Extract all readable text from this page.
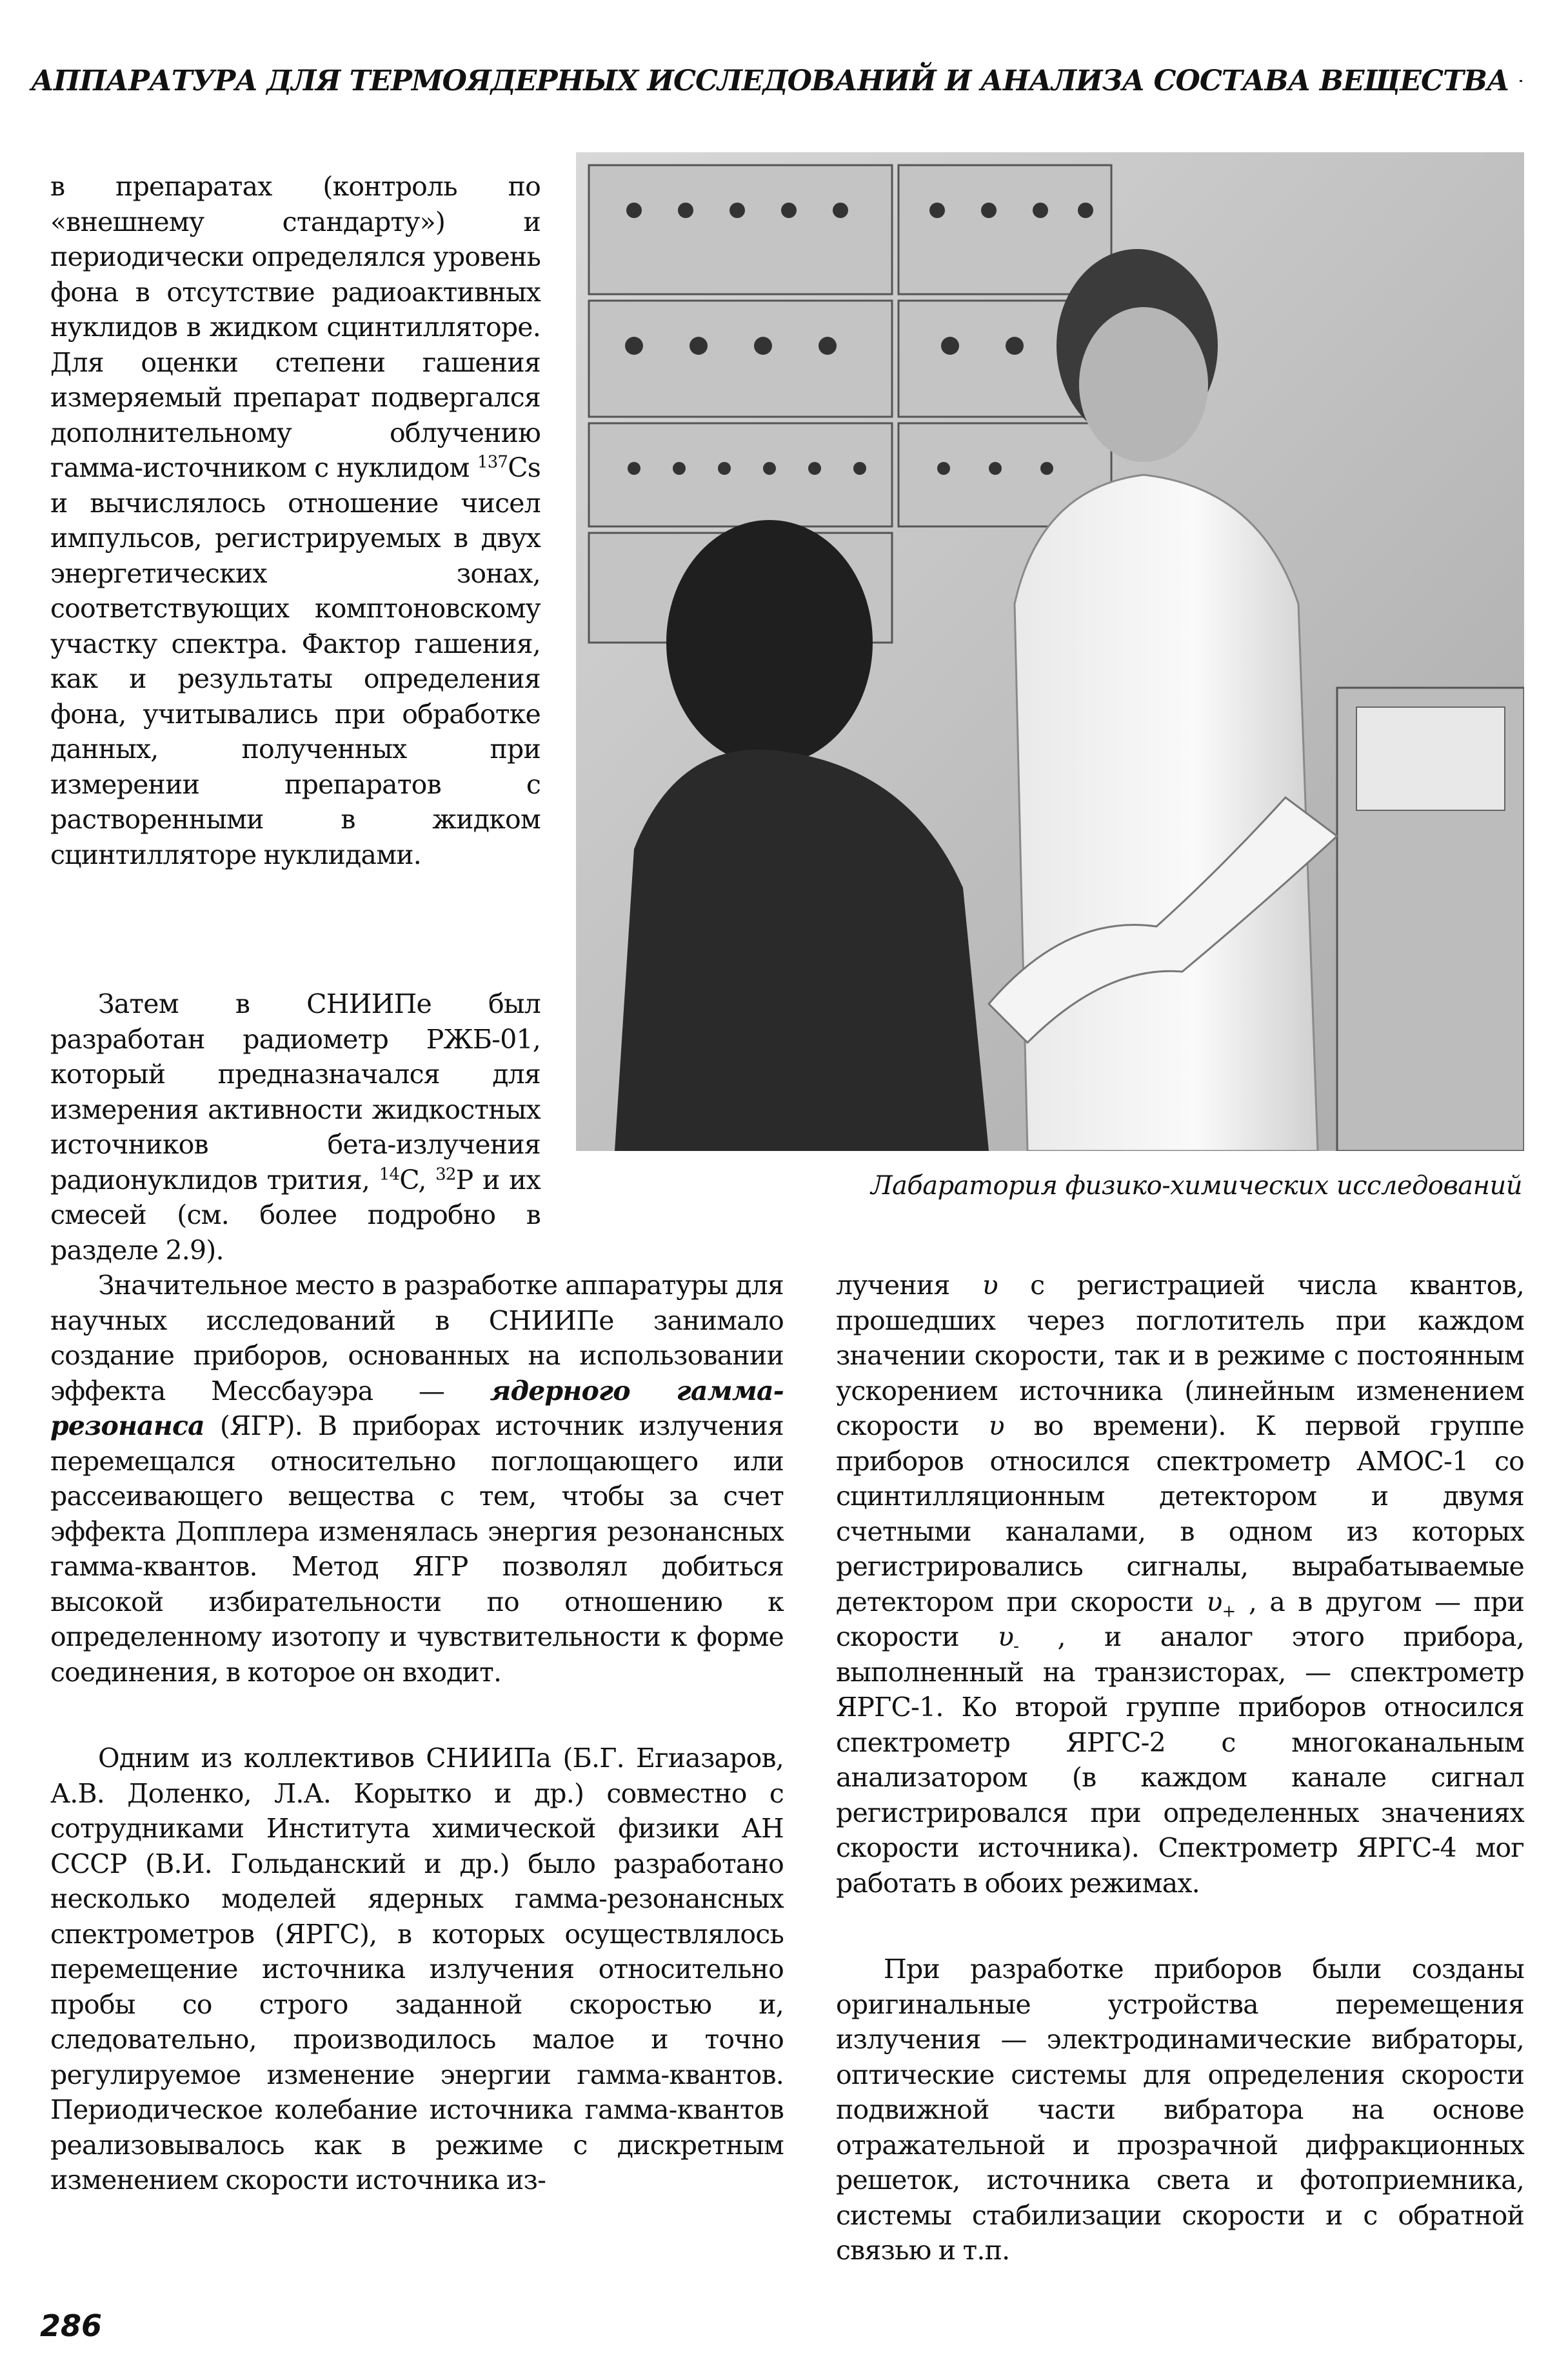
АППАРАТУРА ДЛЯ ТЕРМОЯДЕРНЫХ ИССЛЕДОВАНИЙ И АНАЛИЗА СОСТАВА ВЕЩЕСТВА

в препаратах (контроль по «внешнему стандарту») и периодически определялся уровень фона в отсутствие радиоактивных нуклидов в жидком сцинтилляторе. Для оценки степени гашения измеряемый препарат подвергался дополнительному облучению гамма-источником с нуклидом $^{137}$Cs и вычислялось отношение чисел импульсов, регистрируемых в двух энергетических зонах, соответствующих комптоновскому участку спектра. Фактор гашения, как и результаты определения фона, учитывались при обработке данных, полученных при измерении препаратов с растворенными в жидком сцинтилляторе нуклидами.

Затем в СНИИПе был разработан радиометр РЖБ-01, который предназначался для измерения активности жидкостных источников бета-излучения радионуклидов трития, $^{14}$C, $^{32}$P и их смесей (см. более подробно в разделе 2.9).

Лабаратория физико-химических исследований

Значительное место в разработке аппаратуры для научных исследований в СНИИПе занимало создание приборов, основанных на использовании эффекта Мессбауэра — ядерного гамма-резонанса (ЯГР). В приборах источник излучения перемещался относительно поглощающего или рассеивающего вещества с тем, чтобы за счет эффекта Допплера изменялась энергия резонансных гамма-квантов. Метод ЯГР позволял добиться высокой избирательности по отношению к определенному изотопу и чувствительности к форме соединения, в которое он входит.

Одним из коллективов СНИИПа (Б.Г. Егиазаров, А.В. Доленко, Л.А. Корытко и др.) совместно с сотрудниками Института химической физики АН СССР (В.И. Гольданский и др.) было разработано несколько моделей ядерных гамма-резонансных спектрометров (ЯРГС), в которых осуществлялось перемещение источника излучения относительно пробы со строго заданной скоростью и, следовательно, производилось малое и точно регулируемое изменение энергии гамма-квантов. Периодическое колебание источника гамма-квантов реализовывалось как в режиме с дискретным изменением скорости источника из-

лучения υ с регистрацией числа квантов, прошедших через поглотитель при каждом значении скорости, так и в режиме с постоянным ускорением источника (линейным изменением скорости υ во времени). К первой группе приборов относился спектрометр АМОС-1 со сцинтилляционным детектором и двумя счетными каналами, в одном из которых регистрировались сигналы, вырабатываемые детектором при скорости $\upsilon_+$ , а в другом — при скорости $\upsilon_-$ , и аналог этого прибора, выполненный на транзисторах, — спектрометр ЯРГС-1. Ко второй группе приборов относился спектрометр ЯРГС-2 с многоканальным анализатором (в каждом канале сигнал регистрировался при определенных значениях скорости источника). Спектрометр ЯРГС-4 мог работать в обоих режимах.

При разработке приборов были созданы оригинальные устройства перемещения излучения — электродинамические вибраторы, оптические системы для определения скорости подвижной части вибратора на основе отражательной и прозрачной дифракционных решеток, источника света и фотоприемника, системы стабилизации скорости и с обратной связью и т.п.

286
